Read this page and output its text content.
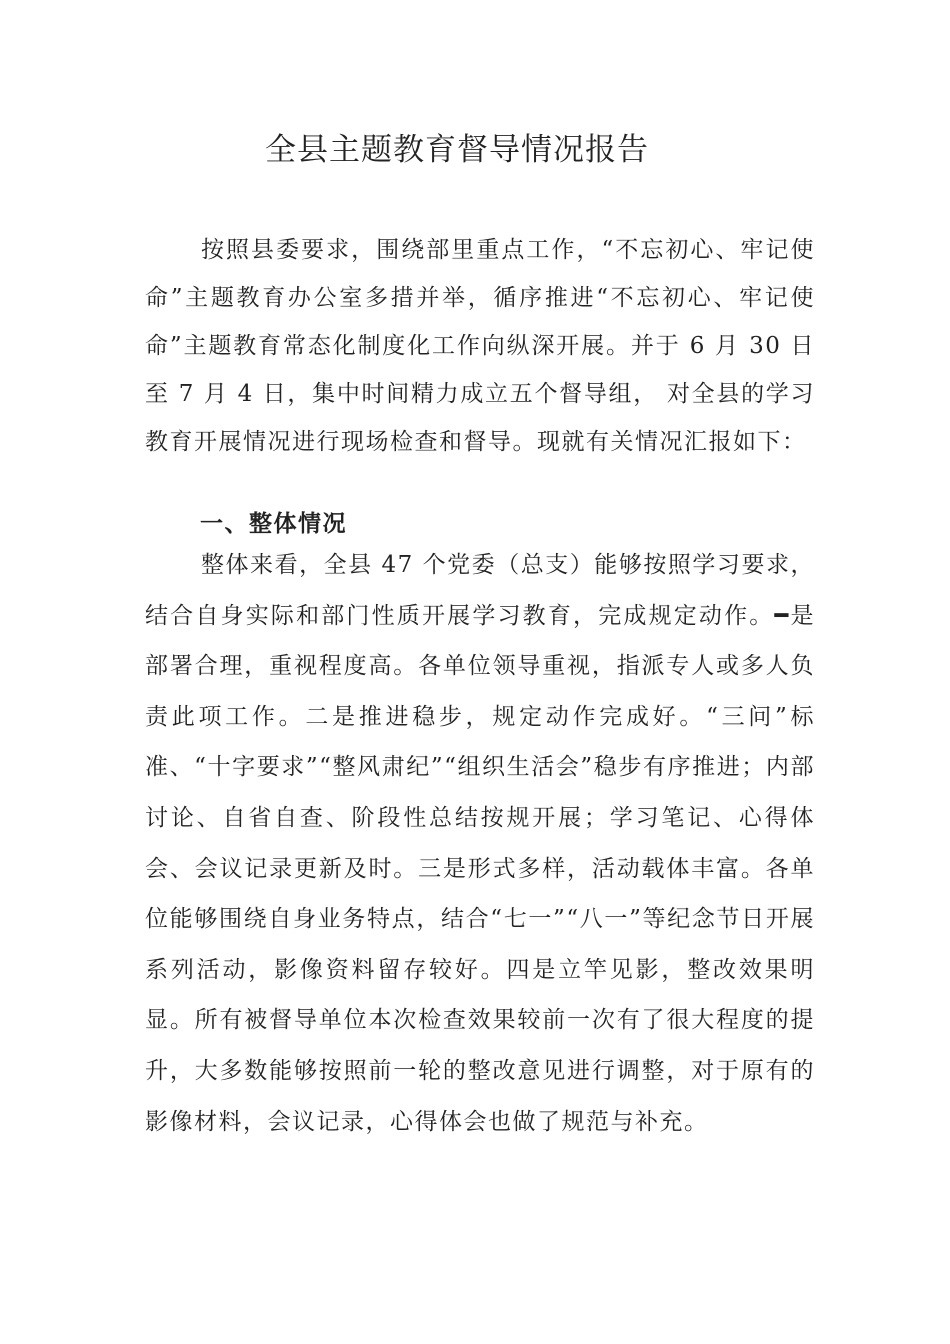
全县主题教育督导情况报告

按照县委要求，围绕部里重点工作，“不忘初心、牢记使命”主题教育办公室多措并举，循序推进“不忘初心、牢记使命”主题教育常态化制度化工作向纵深开展。并于 6 月 30 日至 7 月 4 日，集中时间精力成立五个督导组， 对全县的学习教育开展情况进行现场检查和督导。现就有关情况汇报如下：

一、整体情况

整体来看，全县 47 个党委（总支）能够按照学习要求，结合自身实际和部门性质开展学习教育，完成规定动作。━是部署合理，重视程度高。各单位领导重视，指派专人或多人负责此项工作。二是推进稳步，规定动作完成好。“三问”标准、“十字要求”“整风肃纪”“组织生活会”稳步有序推进；内部讨论、自省自查、阶段性总结按规开展；学习笔记、心得体会、会议记录更新及时。三是形式多样，活动载体丰富。各单位能够围绕自身业务特点，结合“七一”“八一”等纪念节日开展系列活动，影像资料留存较好。四是立竿见影，整改效果明显。所有被督导单位本次检查效果较前一次有了很大程度的提升，大多数能够按照前一轮的整改意见进行调整，对于原有的影像材料，会议记录，心得体会也做了规范与补充。
